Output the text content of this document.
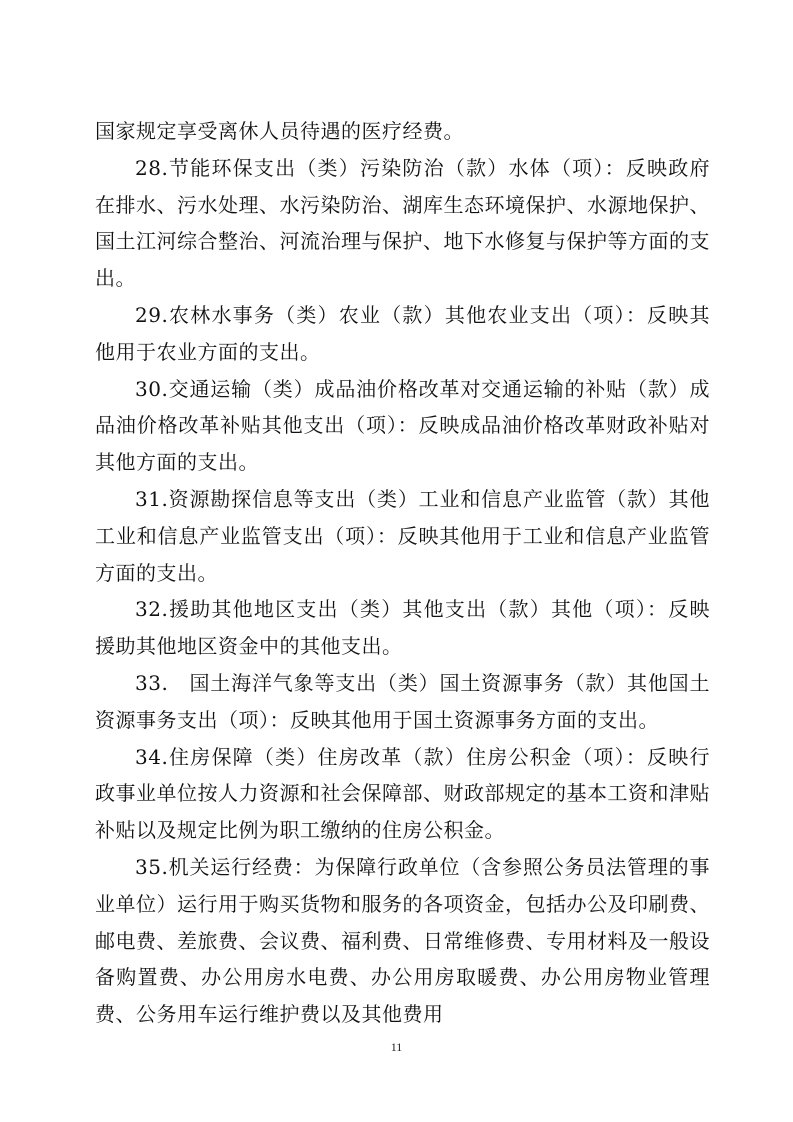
国家规定享受离休人员待遇的医疗经费。

28.节能环保支出（类）污染防治（款）水体（项）：反映政府在排水、污水处理、水污染防治、湖库生态环境保护、水源地保护、国土江河综合整治、河流治理与保护、地下水修复与保护等方面的支出。

29.农林水事务（类）农业（款）其他农业支出（项）：反映其他用于农业方面的支出。

30.交通运输（类）成品油价格改革对交通运输的补贴（款）成品油价格改革补贴其他支出（项）：反映成品油价格改革财政补贴对其他方面的支出。

31.资源勘探信息等支出（类）工业和信息产业监管（款）其他工业和信息产业监管支出（项）：反映其他用于工业和信息产业监管方面的支出。

32.援助其他地区支出（类）其他支出（款）其他（项）：反映援助其他地区资金中的其他支出。

33.　国土海洋气象等支出（类）国土资源事务（款）其他国土资源事务支出（项）：反映其他用于国土资源事务方面的支出。

34.住房保障（类）住房改革（款）住房公积金（项）：反映行政事业单位按人力资源和社会保障部、财政部规定的基本工资和津贴补贴以及规定比例为职工缴纳的住房公积金。

35.机关运行经费：为保障行政单位（含参照公务员法管理的事业单位）运行用于购买货物和服务的各项资金，包括办公及印刷费、邮电费、差旅费、会议费、福利费、日常维修费、专用材料及一般设备购置费、办公用房水电费、办公用房取暖费、办公用房物业管理费、公务用车运行维护费以及其他费用

11
